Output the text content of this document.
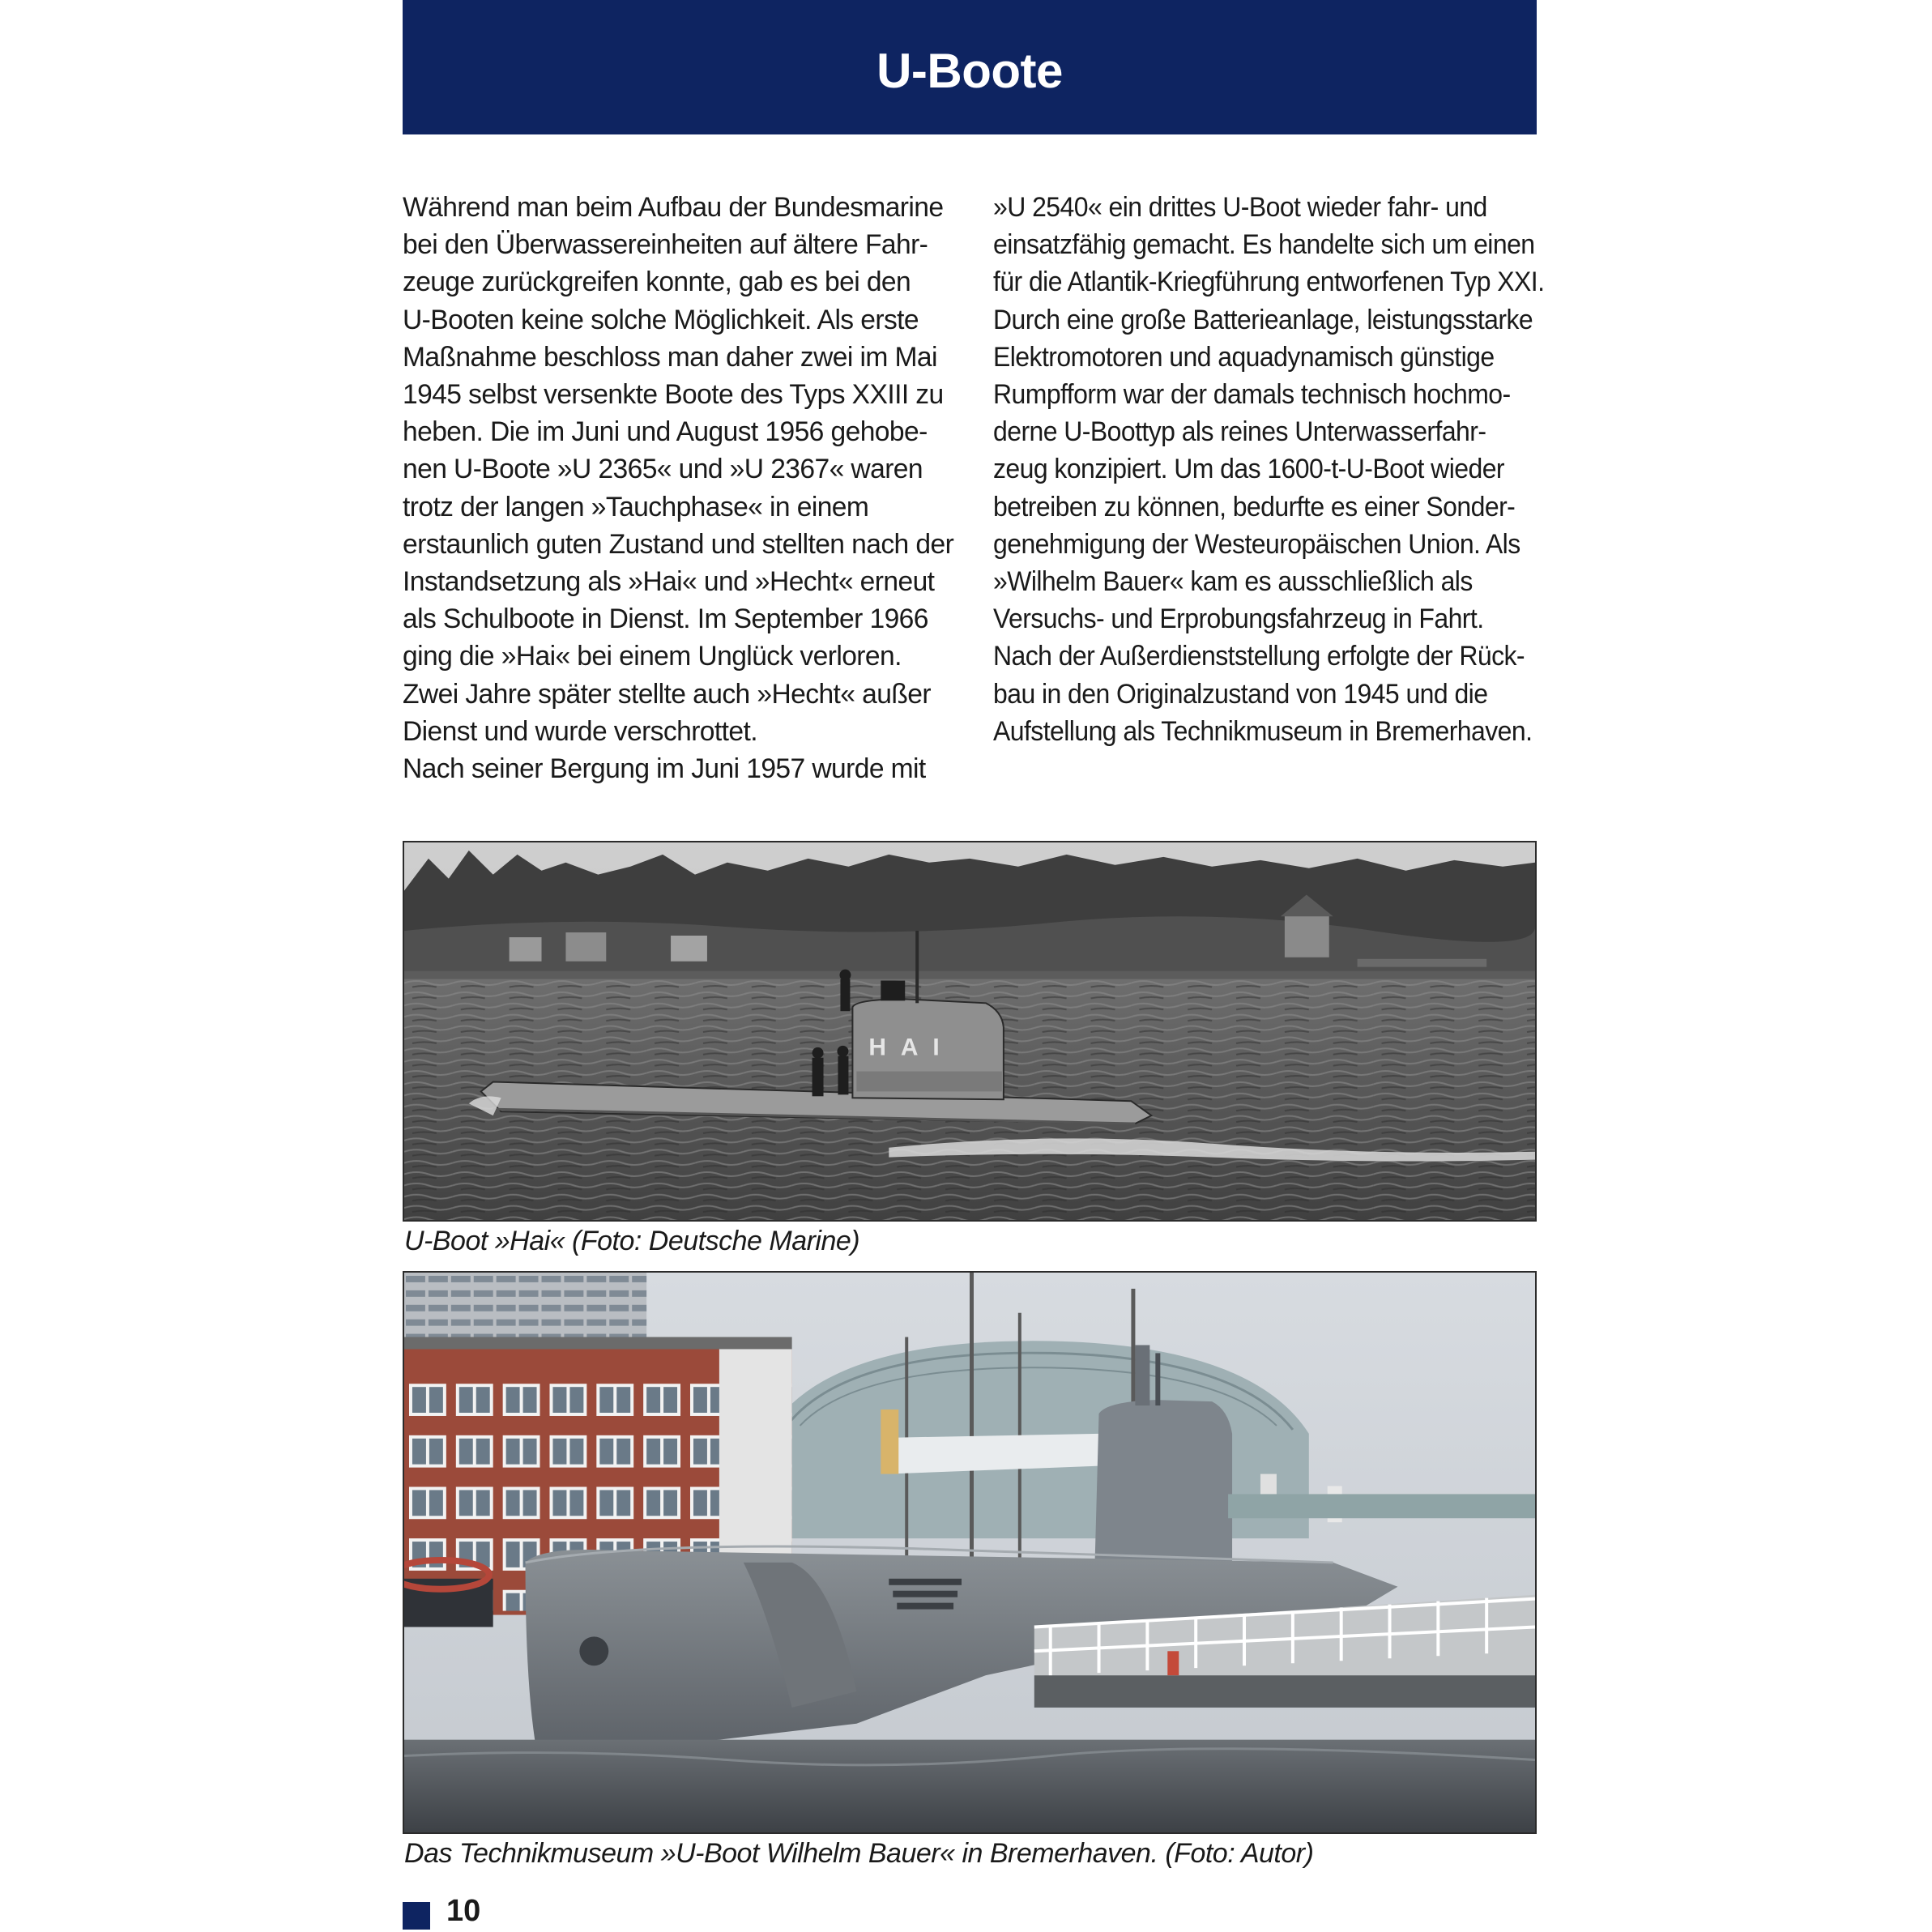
U-Boote
Während man beim Aufbau der Bundesmarine
bei den Überwassereinheiten auf ältere Fahr-
zeuge zurückgreifen konnte, gab es bei den
U-Booten keine solche Möglichkeit. Als erste
Maßnahme beschloss man daher zwei im Mai
1945 selbst versenkte Boote des Typs XXIII zu
heben. Die im Juni und August 1956 gehobe-
nen U-Boote »U 2365« und »U 2367« waren
trotz der langen »Tauchphase« in einem
erstaunlich guten Zustand und stellten nach der
Instandsetzung als »Hai« und »Hecht« erneut
als Schulboote in Dienst. Im September 1966
ging die »Hai« bei einem Unglück verloren.
Zwei Jahre später stellte auch »Hecht« außer
Dienst und wurde verschrottet.
Nach seiner Bergung im Juni 1957 wurde mit
»U 2540« ein drittes U-Boot wieder fahr- und
einsatzfähig gemacht. Es handelte sich um einen
für die Atlantik-Kriegführung entworfenen Typ XXI.
Durch eine große Batterieanlage, leistungsstarke
Elektromotoren und aquadynamisch günstige
Rumpfform war der damals technisch hochmo-
derne U-Boottyp als reines Unterwasserfahr-
zeug konzipiert. Um das 1600-t-U-Boot wieder
betreiben zu können, bedurfte es einer Sonder-
genehmigung der Westeuropäischen Union. Als
»Wilhelm Bauer« kam es ausschließlich als
Versuchs- und Erprobungsfahrzeug in Fahrt.
Nach der Außerdienststellung erfolgte der Rück-
bau in den Originalzustand von 1945 und die
Aufstellung als Technikmuseum in Bremerhaven.
HAI
U-Boot »Hai« (Foto: Deutsche Marine)
Das Technikmuseum »U-Boot Wilhelm Bauer« in Bremerhaven. (Foto: Autor)
10
